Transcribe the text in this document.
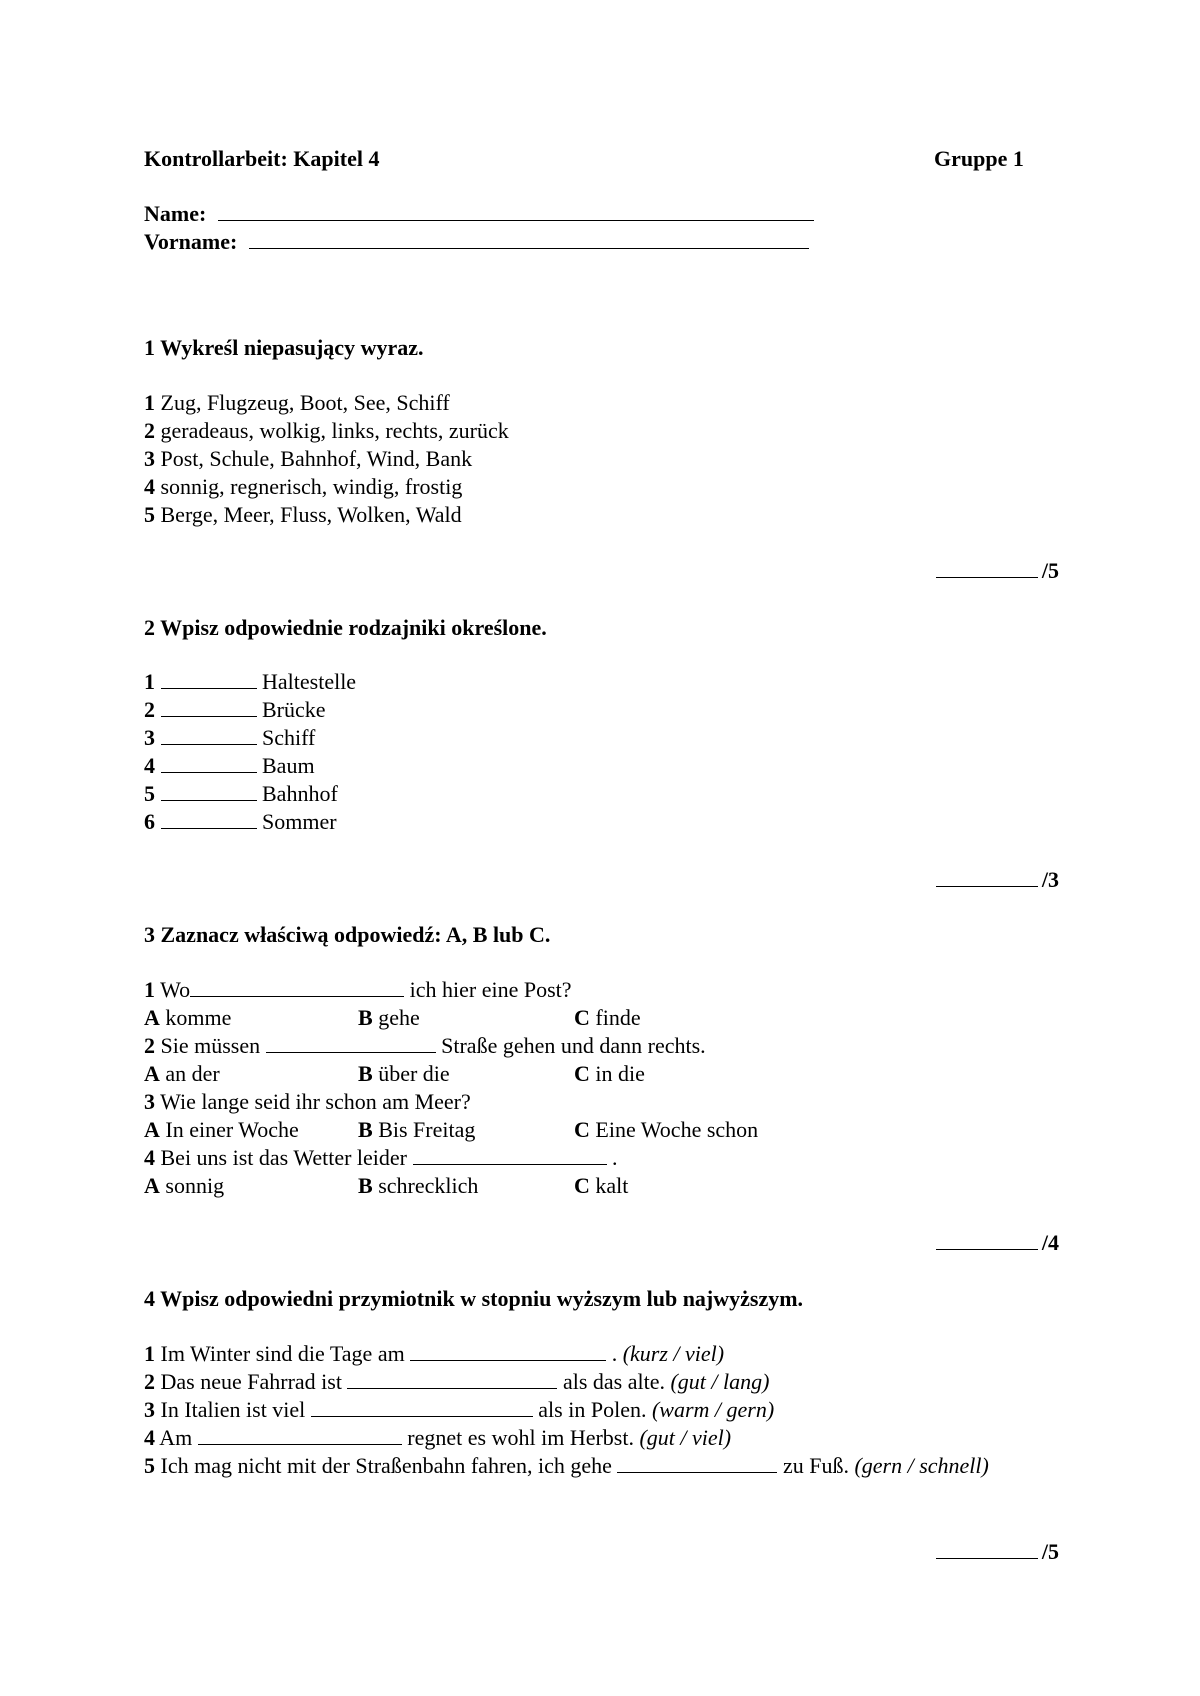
Kontrollarbeit: Kapitel 4	Gruppe 1
Name:
Vorname:
1 Wykreśl niepasujący wyraz.
1 Zug, Flugzeug, Boot, See, Schiff
2 geradeaus, wolkig, links, rechts, zurück
3 Post, Schule, Bahnhof, Wind, Bank
4 sonnig, regnerisch, windig, frostig
5 Berge, Meer, Fluss, Wolken, Wald
/5
2 Wpisz odpowiednie rodzajniki określone.
1	Haltestelle
2	Brücke
3	Schiff
4	Baum
5	Bahnhof
6	Sommer
/3
3 Zaznacz właściwą odpowiedź: A, B lub C.
1 Wo	ich hier eine Post?
A komme	B gehe	C finde
2 Sie müssen	Straße gehen und dann rechts.
A an der	B über die	C in die
3 Wie lange seid ihr schon am Meer?
A In einer Woche	B Bis Freitag	C Eine Woche schon
4 Bei uns ist das Wetter leider	.
A sonnig	B schrecklich	C kalt
/4
4 Wpisz odpowiedni przymiotnik w stopniu wyższym lub najwyższym.
1 Im Winter sind die Tage am	. (kurz / viel)
2 Das neue Fahrrad ist	als das alte. (gut / lang)
3 In Italien ist viel	als in Polen. (warm / gern)
4 Am	regnet es wohl im Herbst. (gut / viel)
5 Ich mag nicht mit der Straßenbahn fahren, ich gehe	zu Fuß. (gern / schnell)
/5
